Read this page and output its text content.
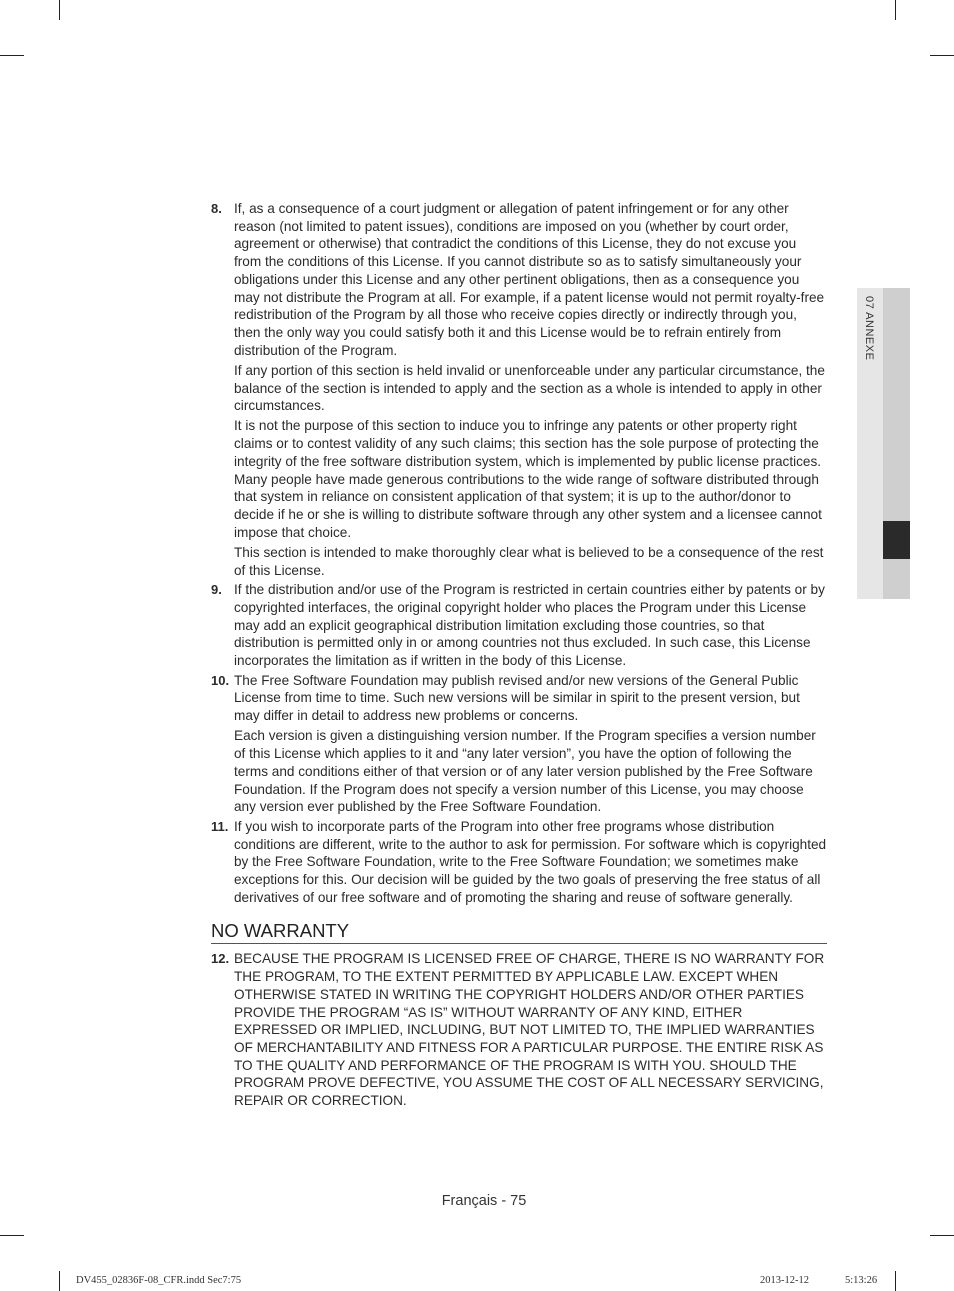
07 ANNEXE
8. If, as a consequence of a court judgment or allegation of patent infringement or for any other reason (not limited to patent issues), conditions are imposed on you (whether by court order, agreement or otherwise) that contradict the conditions of this License, they do not excuse you from the conditions of this License. If you cannot distribute so as to satisfy simultaneously your obligations under this License and any other pertinent obligations, then as a consequence you may not distribute the Program at all. For example, if a patent license would not permit royalty-free redistribution of the Program by all those who receive copies directly or indirectly through you, then the only way you could satisfy both it and this License would be to refrain entirely from distribution of the Program.

If any portion of this section is held invalid or unenforceable under any particular circumstance, the balance of the section is intended to apply and the section as a whole is intended to apply in other circumstances.

It is not the purpose of this section to induce you to infringe any patents or other property right claims or to contest validity of any such claims; this section has the sole purpose of protecting the integrity of the free software distribution system, which is implemented by public license practices. Many people have made generous contributions to the wide range of software distributed through that system in reliance on consistent application of that system; it is up to the author/donor to decide if he or she is willing to distribute software through any other system and a licensee cannot impose that choice.

This section is intended to make thoroughly clear what is believed to be a consequence of the rest of this License.

9. If the distribution and/or use of the Program is restricted in certain countries either by patents or by copyrighted interfaces, the original copyright holder who places the Program under this License may add an explicit geographical distribution limitation excluding those countries, so that distribution is permitted only in or among countries not thus excluded. In such case, this License incorporates the limitation as if written in the body of this License.

10. The Free Software Foundation may publish revised and/or new versions of the General Public License from time to time. Such new versions will be similar in spirit to the present version, but may differ in detail to address new problems or concerns.

Each version is given a distinguishing version number. If the Program specifies a version number of this License which applies to it and “any later version”, you have the option of following the terms and conditions either of that version or of any later version published by the Free Software Foundation. If the Program does not specify a version number of this License, you may choose any version ever published by the Free Software Foundation.

11. If you wish to incorporate parts of the Program into other free programs whose distribution conditions are different, write to the author to ask for permission. For software which is copyrighted by the Free Software Foundation, write to the Free Software Foundation; we sometimes make exceptions for this. Our decision will be guided by the two goals of preserving the free status of all derivatives of our free software and of promoting the sharing and reuse of software generally.

NO WARRANTY
12. BECAUSE THE PROGRAM IS LICENSED FREE OF CHARGE, THERE IS NO WARRANTY FOR THE PROGRAM, TO THE EXTENT PERMITTED BY APPLICABLE LAW. EXCEPT WHEN OTHERWISE STATED IN WRITING THE COPYRIGHT HOLDERS AND/OR OTHER PARTIES PROVIDE THE PROGRAM “AS IS” WITHOUT WARRANTY OF ANY KIND, EITHER EXPRESSED OR IMPLIED, INCLUDING, BUT NOT LIMITED TO, THE IMPLIED WARRANTIES OF MERCHANTABILITY AND FITNESS FOR A PARTICULAR PURPOSE. THE ENTIRE RISK AS TO THE QUALITY AND PERFORMANCE OF THE PROGRAM IS WITH YOU. SHOULD THE PROGRAM PROVE DEFECTIVE, YOU ASSUME THE COST OF ALL NECESSARY SERVICING, REPAIR OR CORRECTION.

Français - 75
DV455_02836F-08_CFR.indd Sec7:75	2013-12-12	5:13:26
